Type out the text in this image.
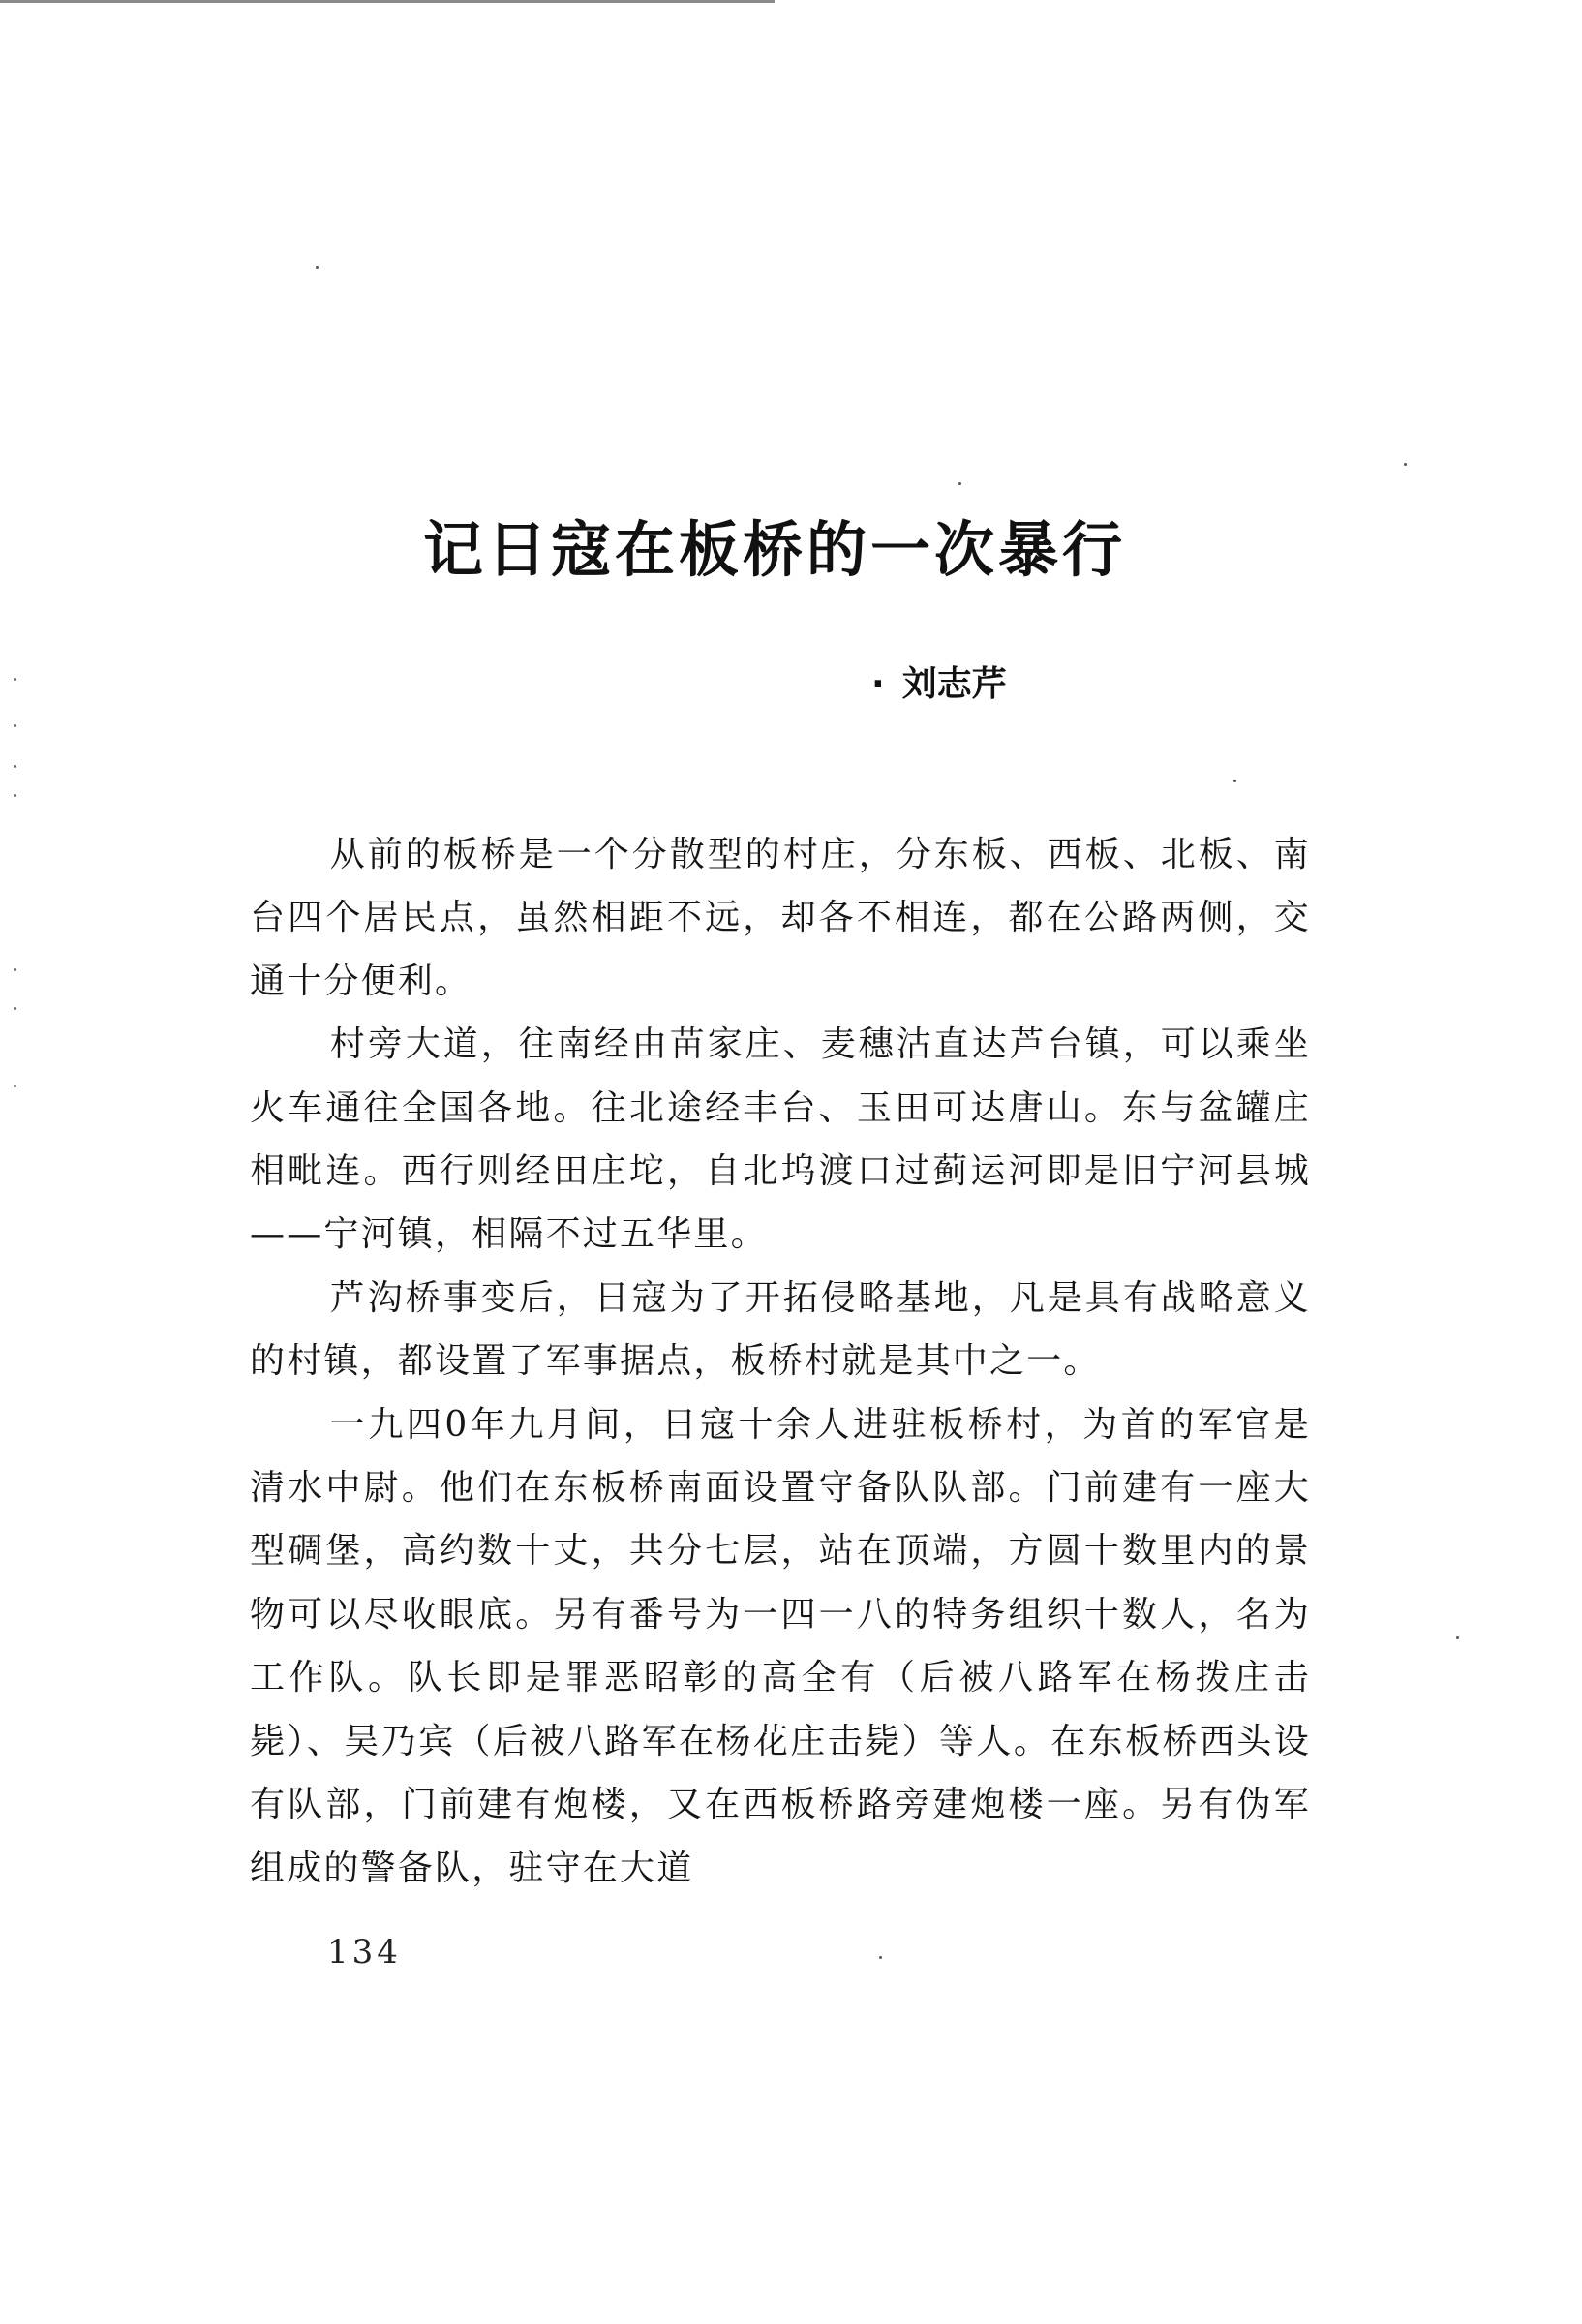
记日寇在板桥的一次暴行
· 刘志芹

从前的板桥是一个分散型的村庄，分东板、西板、北板、南台四个居民点，虽然相距不远，却各不相连，都在公路两侧，交通十分便利。

村旁大道，往南经由苗家庄、麦穗沽直达芦台镇，可以乘坐火车通往全国各地。往北途经丰台、玉田可达唐山。东与盆罐庄相毗连。西行则经田庄坨，自北坞渡口过蓟运河即是旧宁河县城——宁河镇，相隔不过五华里。

芦沟桥事变后，日寇为了开拓侵略基地，凡是具有战略意义的村镇，都设置了军事据点，板桥村就是其中之一。

一九四0年九月间，日寇十余人进驻板桥村，为首的军官是清水中尉。他们在东板桥南面设置守备队队部。门前建有一座大型碉堡，高约数十丈，共分七层，站在顶端，方圆十数里内的景物可以尽收眼底。另有番号为一四一八的特务组织十数人，名为工作队。队长即是罪恶昭彰的高全有（后被八路军在杨拨庄击毙）、吴乃宾（后被八路军在杨花庄击毙）等人。在东板桥西头设有队部，门前建有炮楼，又在西板桥路旁建炮楼一座。另有伪军组成的警备队，驻守在大道

134
